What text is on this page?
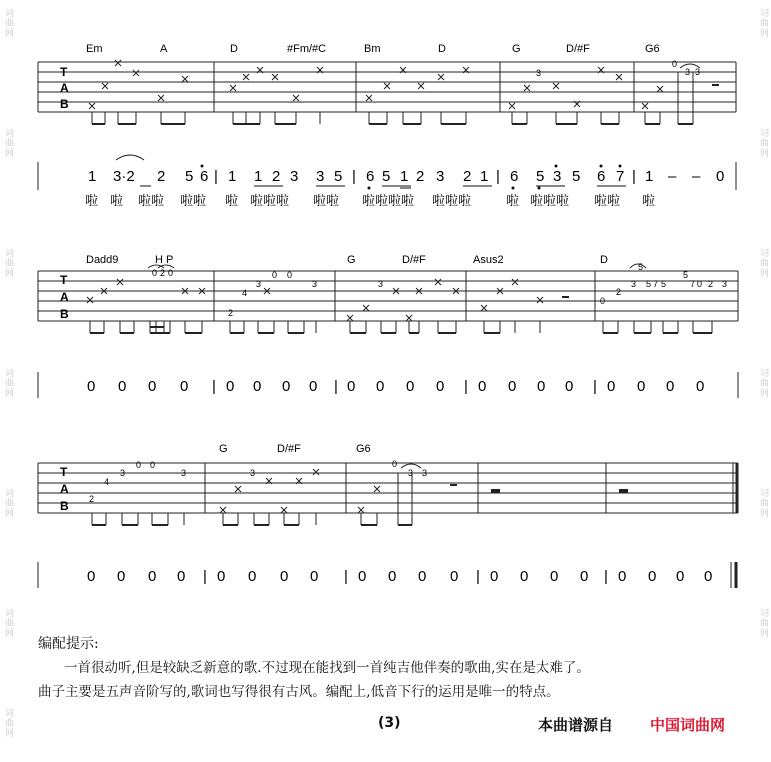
词曲网
词曲网
词曲网
词曲网
词曲网
词曲网
词曲网
词曲网
词曲网
词曲网
词曲网
词曲网
词曲网
T
A
B
Em	A	D	#Fm/#C	Bm	D	G	D/#F	G6
0
3	3 3
1 3·2 2 5 6 | 1 1 2 3 3 5 | 6 5 1 2 3 2 1 | 6 5 3 5 6 7 | 1 – – 0
啦 啦 啦啦 啦啦 啦 啦啦啦 啦啦 啦啦啦啦 啦啦啦	啦 啦啦啦 啦啦 啦
T
A
B
Dadd9	H P	G	D/#F	Asus2	D
0 2 0
2
4
3
0 0
3	3
0
2
3
5
5 7 5	7
5
0 2 3
0 0 0 0 | 0 0 0 0 | 0 0 0 0 | 0 0 0 0 | 0 0 0 0
T
A
B
G	D/#F	G6
2
4
3
0 0
3	3
0
3 3
0 0 0 0 | 0 0 0 0 | 0 0 0 0 | 0 0 0 0 | 0 0 0 0
编配提示:
一首很动听,但是较缺乏新意的歌.不过现在能找到一首纯吉他伴奏的歌曲,实在是太难了。
曲子主要是五声音阶写的,歌词也写得很有古风。编配上,低音下行的运用是唯一的特点。
(3)	本曲谱源自 中国词曲网
